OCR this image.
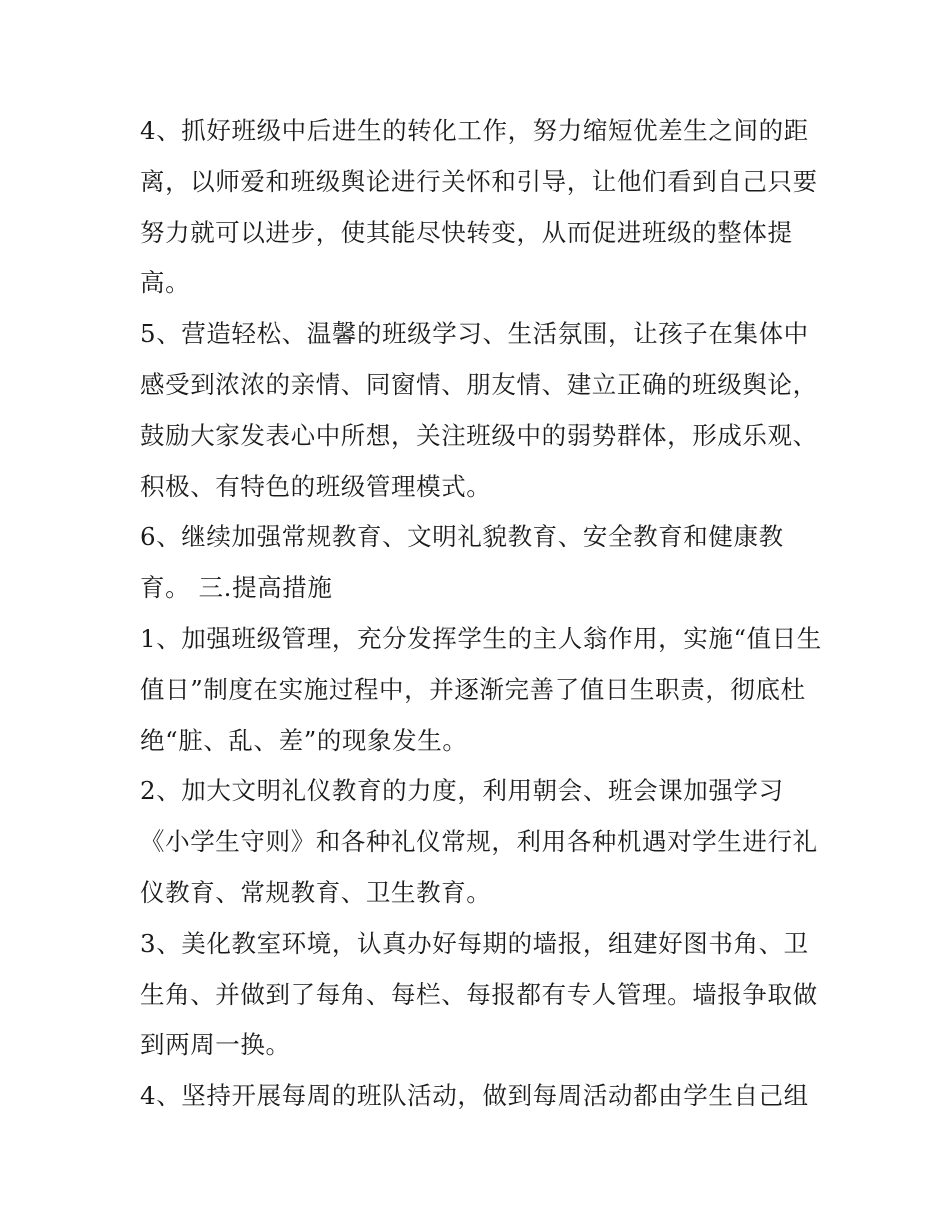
4、抓好班级中后进生的转化工作，努力缩短优差生之间的距
离，以师爱和班级舆论进行关怀和引导，让他们看到自己只要
努力就可以进步，使其能尽快转变，从而促进班级的整体提
高。
5、营造轻松、温馨的班级学习、生活氛围，让孩子在集体中
感受到浓浓的亲情、同窗情、朋友情、建立正确的班级舆论，
鼓励大家发表心中所想，关注班级中的弱势群体，形成乐观、
积极、有特色的班级管理模式。
6、继续加强常规教育、文明礼貌教育、安全教育和健康教
育。 三.提高措施
1、加强班级管理，充分发挥学生的主人翁作用，实施“值日生
值日”制度在实施过程中，并逐渐完善了值日生职责，彻底杜
绝“脏、乱、差”的现象发生。
2、加大文明礼仪教育的力度，利用朝会、班会课加强学习
《小学生守则》和各种礼仪常规，利用各种机遇对学生进行礼
仪教育、常规教育、卫生教育。
3、美化教室环境，认真办好每期的墙报，组建好图书角、卫
生角、并做到了每角、每栏、每报都有专人管理。墙报争取做
到两周一换。
4、坚持开展每周的班队活动，做到每周活动都由学生自己组
